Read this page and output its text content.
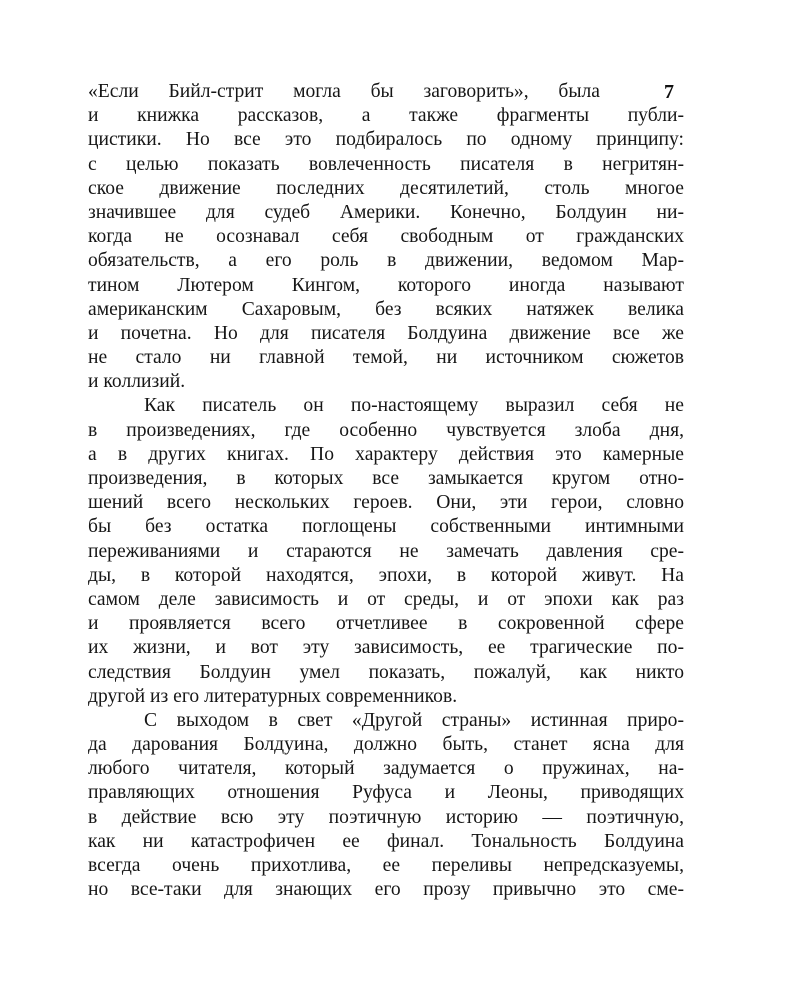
7
«Если Бийл-стрит могла бы заговорить», была
и книжка рассказов, а также фрагменты публи-
цистики. Но все это подбиралось по одному принципу:
с целью показать вовлеченность писателя в негритян-
ское движение последних десятилетий, столь многое
значившее для судеб Америки. Конечно, Болдуин ни-
когда не осознавал себя свободным от гражданских
обязательств, а его роль в движении, ведомом Мар-
тином Лютером Кингом, которого иногда называют
американским Сахаровым, без всяких натяжек велика
и почетна. Но для писателя Болдуина движение все же
не стало ни главной темой, ни источником сюжетов
и коллизий.
Как писатель он по-настоящему выразил себя не
в произведениях, где особенно чувствуется злоба дня,
а в других книгах. По характеру действия это камерные
произведения, в которых все замыкается кругом отно-
шений всего нескольких героев. Они, эти герои, словно
бы без остатка поглощены собственными интимными
переживаниями и стараются не замечать давления сре-
ды, в которой находятся, эпохи, в которой живут. На
самом деле зависимость и от среды, и от эпохи как раз
и проявляется всего отчетливее в сокровенной сфере
их жизни, и вот эту зависимость, ее трагические по-
следствия Болдуин умел показать, пожалуй, как никто
другой из его литературных современников.
С выходом в свет «Другой страны» истинная приро-
да дарования Болдуина, должно быть, станет ясна для
любого читателя, который задумается о пружинах, на-
правляющих отношения Руфуса и Леоны, приводящих
в действие всю эту поэтичную историю — поэтичную,
как ни катастрофичен ее финал. Тональность Болдуина
всегда очень прихотлива, ее переливы непредсказуемы,
но все-таки для знающих его прозу привычно это сме-
